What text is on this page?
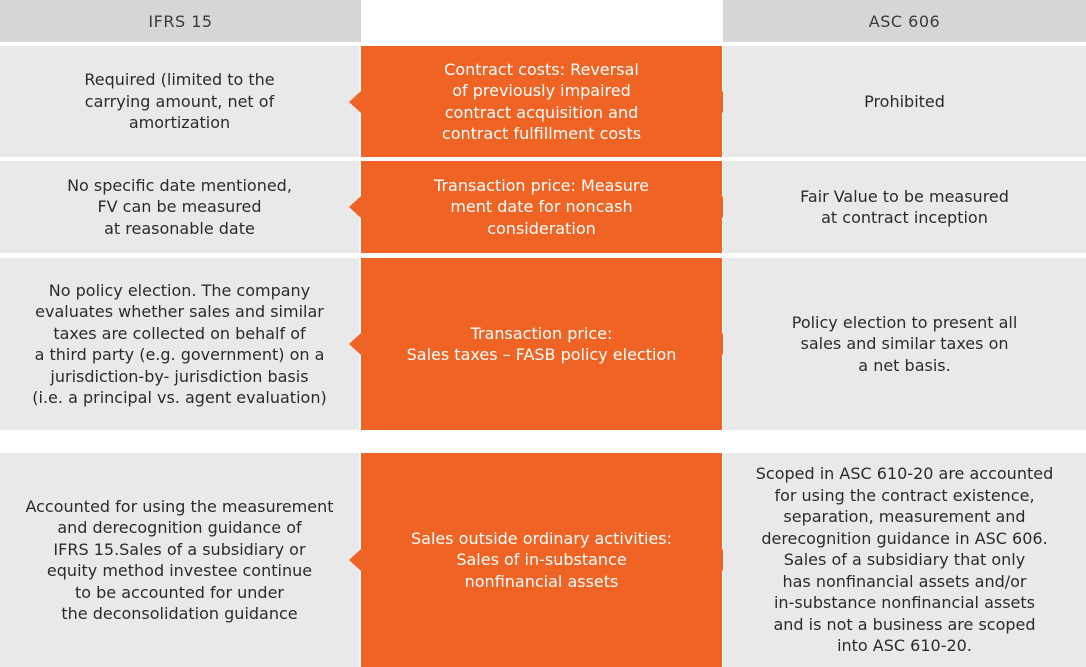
IFRS 15	ASC 606
Required (limited to the
carrying amount, net of
amortization
Contract costs: Reversal
of previously impaired
contract acquisition and
contract fulfillment costs
Prohibited
No specific date mentioned,
FV can be measured
at reasonable date
Transaction price: Measure
ment date for noncash
consideration
Fair Value to be measured
at contract inception
No policy election. The company
evaluates whether sales and similar
taxes are collected on behalf of
a third party (e.g. government) on a
jurisdiction-by- jurisdiction basis
(i.e. a principal vs. agent evaluation)
Transaction price:
Sales taxes – FASB policy election
Policy election to present all
sales and similar taxes on
a net basis.
Accounted for using the measurement
and derecognition guidance of
IFRS 15.Sales of a subsidiary or
equity method investee continue
to be accounted for under
the deconsolidation guidance
Sales outside ordinary activities:
Sales of in-substance
nonfinancial assets
Scoped in ASC 610-20 are accounted
for using the contract existence,
separation, measurement and
derecognition guidance in ASC 606.
Sales of a subsidiary that only
has nonfinancial assets and/or
in-substance nonfinancial assets
and is not a business are scoped
into ASC 610-20.
